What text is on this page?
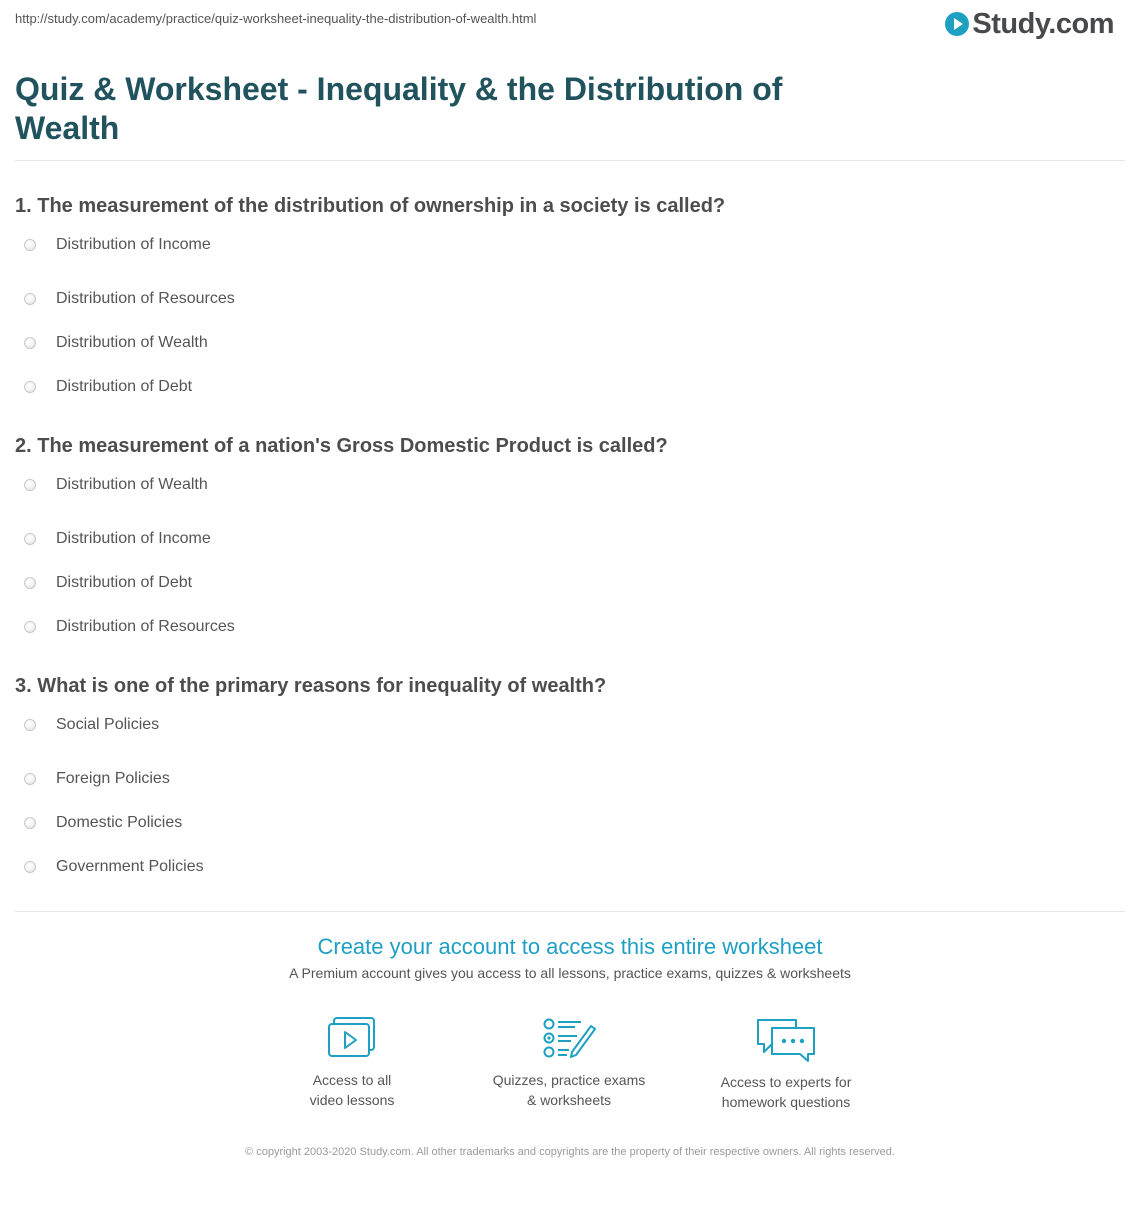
http://study.com/academy/practice/quiz-worksheet-inequality-the-distribution-of-wealth.html	Study.com
Quiz & Worksheet - Inequality & the Distribution of Wealth
1. The measurement of the distribution of ownership in a society is called?
Distribution of Income
Distribution of Resources
Distribution of Wealth
Distribution of Debt
2. The measurement of a nation's Gross Domestic Product is called?
Distribution of Wealth
Distribution of Income
Distribution of Debt
Distribution of Resources
3. What is one of the primary reasons for inequality of wealth?
Social Policies
Foreign Policies
Domestic Policies
Government Policies
Create your account to access this entire worksheet
A Premium account gives you access to all lessons, practice exams, quizzes & worksheets
Access to all
video lessons
Quizzes, practice exams
& worksheets
Access to experts for
homework questions
© copyright 2003-2020 Study.com. All other trademarks and copyrights are the property of their respective owners. All rights reserved.
